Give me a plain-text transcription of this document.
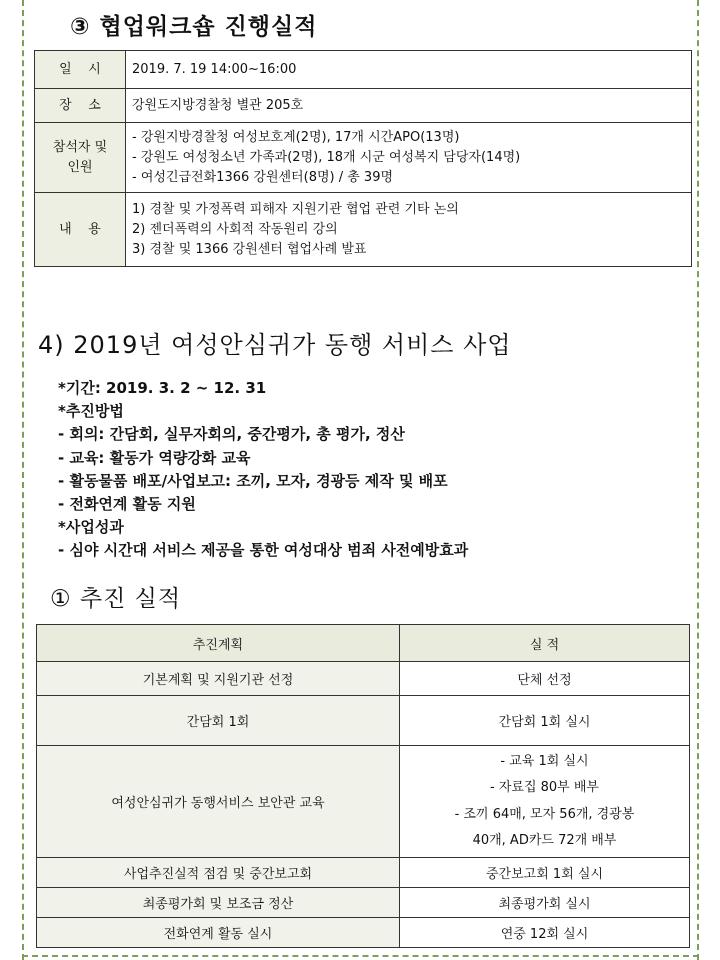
③ 협업워크숍 진행실적
일    시	2019. 7. 19 14:00~16:00

장    소	강원도지방경찰청 별관 205호

참석자 및 인원	- 강원지방경찰청 여성보호계(2명), 17개 시간APO(13명)
- 강원도 여성청소년 가족과(2명), 18개 시군 여성복지 담당자(14명)
- 여성긴급전화1366 강원센터(8명) / 총 39명

내    용	1) 경찰 및 가정폭력 피해자 지원기관 협업 관련 기타 논의
2) 젠더폭력의 사회적 작동원리 강의
3) 경찰 및 1366 강원센터 협업사례 발표
4) 2019년 여성안심귀가 동행 서비스 사업
*기간: 2019. 3. 2 ~ 12. 31
*추진방법
- 회의: 간담회, 실무자회의, 중간평가, 총 평가, 정산
- 교육: 활동가 역량강화 교육
- 활동물품 배포/사업보고: 조끼, 모자, 경광등 제작 및 배포
- 전화연계 활동 지원
*사업성과
- 심야 시간대 서비스 제공을 통한 여성대상 범죄 사전예방효과
① 추진 실적
추진계획	실 적
기본계획 및 지원기관 선정	단체 선정
간담회 1회	간담회 1회 실시
여성안심귀가 동행서비스 보안관 교육	- 교육 1회 실시
- 자료집 80부 배부
- 조끼 64매, 모자 56개, 경광봉
40개, AD카드 72개 배부

사업추진실적 점검 및 중간보고회	중간보고회 1회 실시
최종평가회 및 보조금 정산	최종평가회 실시
전화연계 활동 실시	연중 12회 실시
